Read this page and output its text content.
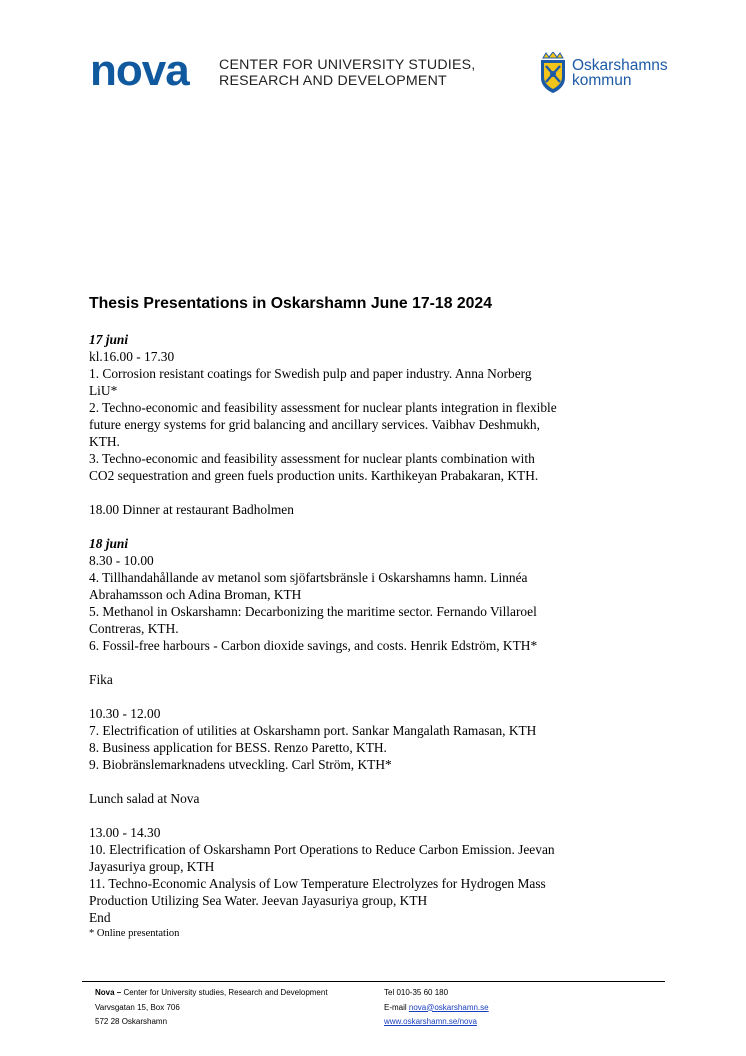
nova CENTER FOR UNIVERSITY STUDIES,
RESEARCH AND DEVELOPMENT
Oskarshamns
kommun
Thesis Presentations in Oskarshamn June 17-18 2024
17 juni
kl.16.00 - 17.30
1. Corrosion resistant coatings for Swedish pulp and paper industry. Anna Norberg
LiU*
2. Techno-economic and feasibility assessment for nuclear plants integration in flexible
future energy systems for grid balancing and ancillary services. Vaibhav Deshmukh,
KTH.
3. Techno-economic and feasibility assessment for nuclear plants combination with
CO2 sequestration and green fuels production units. Karthikeyan Prabakaran, KTH.
18.00 Dinner at restaurant Badholmen
18 juni
8.30 - 10.00
4. Tillhandahållande av metanol som sjöfartsbränsle i Oskarshamns hamn. Linnéa
Abrahamsson och Adina Broman, KTH
5. Methanol in Oskarshamn: Decarbonizing the maritime sector. Fernando Villaroel
Contreras, KTH.
6. Fossil-free harbours - Carbon dioxide savings, and costs. Henrik Edström, KTH*
Fika
10.30 - 12.00
7. Electrification of utilities at Oskarshamn port. Sankar Mangalath Ramasan, KTH
8. Business application for BESS. Renzo Paretto, KTH.
9. Biobränslemarknadens utveckling. Carl Ström, KTH*
Lunch salad at Nova
13.00 - 14.30
10. Electrification of Oskarshamn Port Operations to Reduce Carbon Emission. Jeevan
Jayasuriya group, KTH
11. Techno-Economic Analysis of Low Temperature Electrolyzes for Hydrogen Mass
Production Utilizing Sea Water. Jeevan Jayasuriya group, KTH
End
* Online presentation
Nova – Center for University studies, Research and Development
Varvsgatan 15, Box 706
572 28 Oskarshamn
Tel 010-35 60 180
E-mail nova@oskarshamn.se
www.oskarshamn.se/nova
